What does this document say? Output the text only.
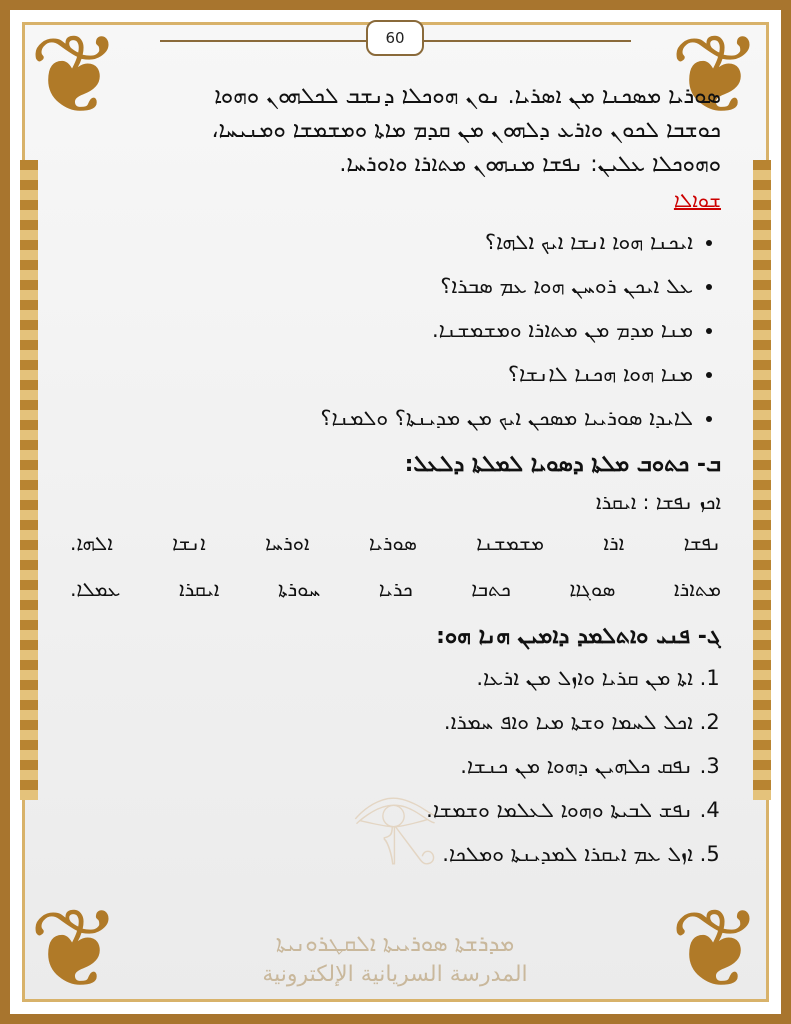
❦	❦
❦	❦
60
𓂀

ܣܘܪܝܐ ܡܣܟܢܐ ܡܢ ܐܣܪܝܐ. ܢܘܢ ܗܘܟܠܐ ܕܢܫܒ ܠܟܠܗܘܢ ܘܗܘܐ

ܟܘܫܒܐ ܠܟܘܢ ܘܐܪܥ ܕܠܗܘܢ ܡܢ ܩܕܡ ܡܐܬܐ ܘܡܫܡܫܐ ܘܡܢܝܚܐ،

ܘܗܘܟܠܐ ܥܠܝܢ: ܢܦܫܐ ܡܢܗܘܢ ܡܬܐܪܐ ܘܐܘܪܚܐ.

ܫܘܐܠܐ
• ܐܝܟܢܐ ܗܘܐ ܐܢܫܐ ܐܝܟ ܐܠܗܐ؟
• ܥܠ ܐܝܟܢ ܪܘܚܢ ܗܘܐ ܥܡ ܣܒܪܐ؟
• ܡܢܐ ܡܕܡ ܡܢ ܡܬܐܪܐ ܘܡܫܡܫܢܐ.
• ܡܢܐ ܗܘܐ ܗܟܢܐ ܠܐܢܫܐ؟
• ܠܐܝܕܐ ܣܘܪܝܝܐ ܡܣܟܢ ܐܝܟ ܡܢ ܡܕܝܢܬܐ؟ ܘܠܡܢܐ؟

ܒ- ܟܬܘܒ ܡܠܬܐ ܕܣܘܝܐ ܠܡܠܬܐ ܕܠܥܠ:

ܐܟܙ ܢܦܫܐ : ܐܝܩܪܐ

ܢܦܫܐ
ܐܪܐ
ܡܫܡܫܢܐ
ܣܘܪܝܐ
ܐܘܪܚܐ
ܐܢܫܐ
ܐܠܗܐ.
ܡܬܐܪܐ
ܣܘܓܐܐ
ܟܬܒܐ
ܟܪܝܐ
ܚܘܪܬܐ
ܐܝܩܪܐ
ܥܡܠܐ.

ܓ- ܦܢܝ ܘܐܬܠܡܕ ܕܐܡܝܢ ܗܢܐ ܗܘ:

1. ܐܬܐ ܡܢ ܩܪܝܐ ܘܐܙܠ ܡܢ ܐܪܥܐ.
2. ܐܟܠ ܠܚܡܐ ܘܫܬܐ ܡܝܐ ܘܐܦ ܚܡܪܐ.
3. ܢܦܩ ܟܠܗܝܢ ܕܗܘܐ ܡܢ ܟܢܫܐ.
4. ܢܦܫ ܠܒܝܬܐ ܘܗܘܐ ܠܥܠܡܐ ܘܫܡܫܐ.
5. ܐܙܠ ܥܡ ܐܝܩܪܐ ܠܡܕܝܢܬܐ ܘܡܠܟܐ.
ܡܕܪܫܬܐ ܣܘܪܝܝܬܐ ܐܠܩܛܪܘܢܝܬܐ
المدرسة السريانية الإلكترونية
